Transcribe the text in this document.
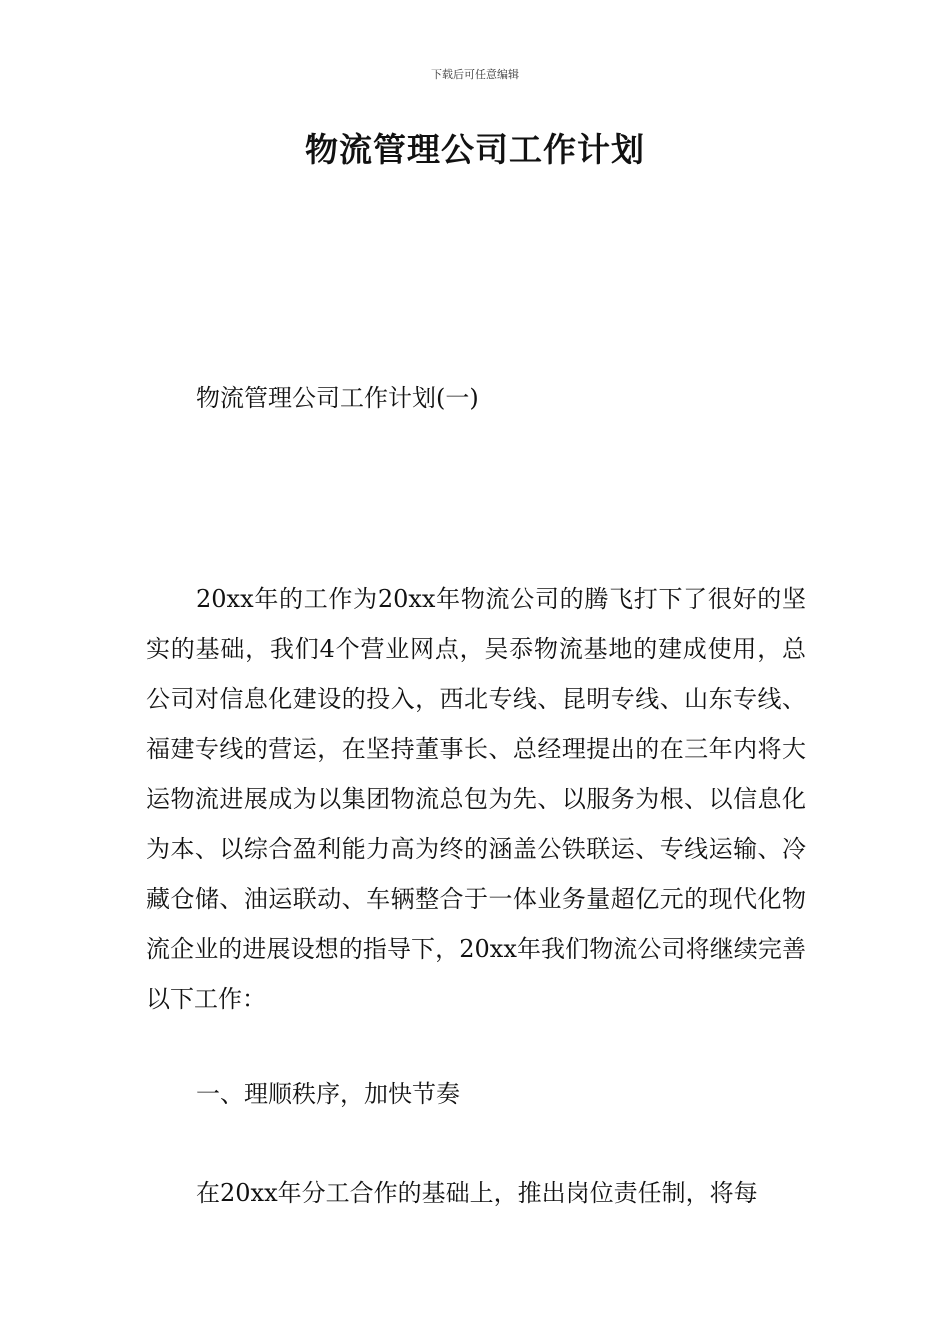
下载后可任意编辑
物流管理公司工作计划

物流管理公司工作计划(一)

20xx年的工作为20xx年物流公司的腾飞打下了很好的坚实的基础，我们4个营业网点，吴忝物流基地的建成使用，总公司对信息化建设的投入，西北专线、昆明专线、山东专线、福建专线的营运，在坚持董事长、总经理提出的在三年内将大运物流进展成为以集团物流总包为先、以服务为根、以信息化为本、以综合盈利能力高为终的涵盖公铁联运、专线运输、冷藏仓储、油运联动、车辆整合于一体业务量超亿元的现代化物流企业的进展设想的指导下，20xx年我们物流公司将继续完善以下工作：

一、理顺秩序，加快节奏

在20xx年分工合作的基础上，推出岗位责任制，将每
